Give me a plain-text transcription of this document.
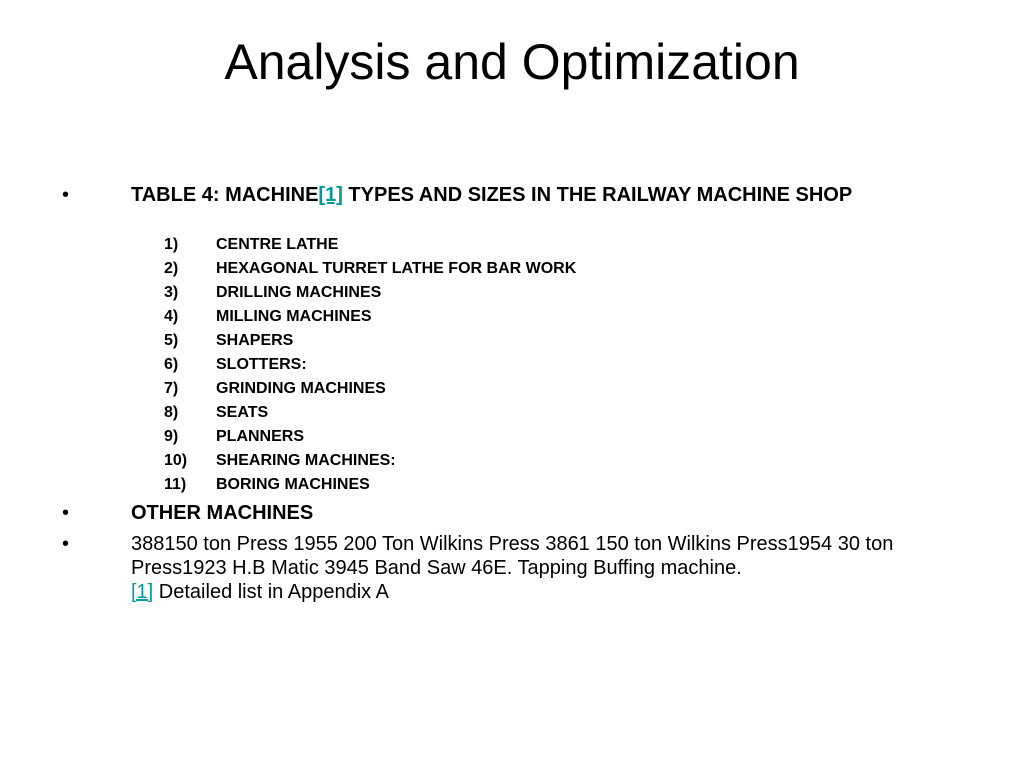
Analysis and Optimization
•	TABLE 4: MACHINE[1] TYPES AND SIZES IN THE RAILWAY MACHINE SHOP
1) CENTRE LATHE
2) HEXAGONAL TURRET LATHE FOR BAR WORK
3) DRILLING MACHINES
4) MILLING MACHINES
5) SHAPERS
6) SLOTTERS:
7) GRINDING MACHINES
8) SEATS
9) PLANNERS
10) SHEARING MACHINES:
11) BORING MACHINES
•	OTHER MACHINES
•	388150 ton Press 1955 200 Ton Wilkins Press 3861 150 ton Wilkins Press1954 30 ton Press1923 H.B Matic 3945 Band Saw 46E. Tapping Buffing machine.
[1] Detailed list in Appendix A
